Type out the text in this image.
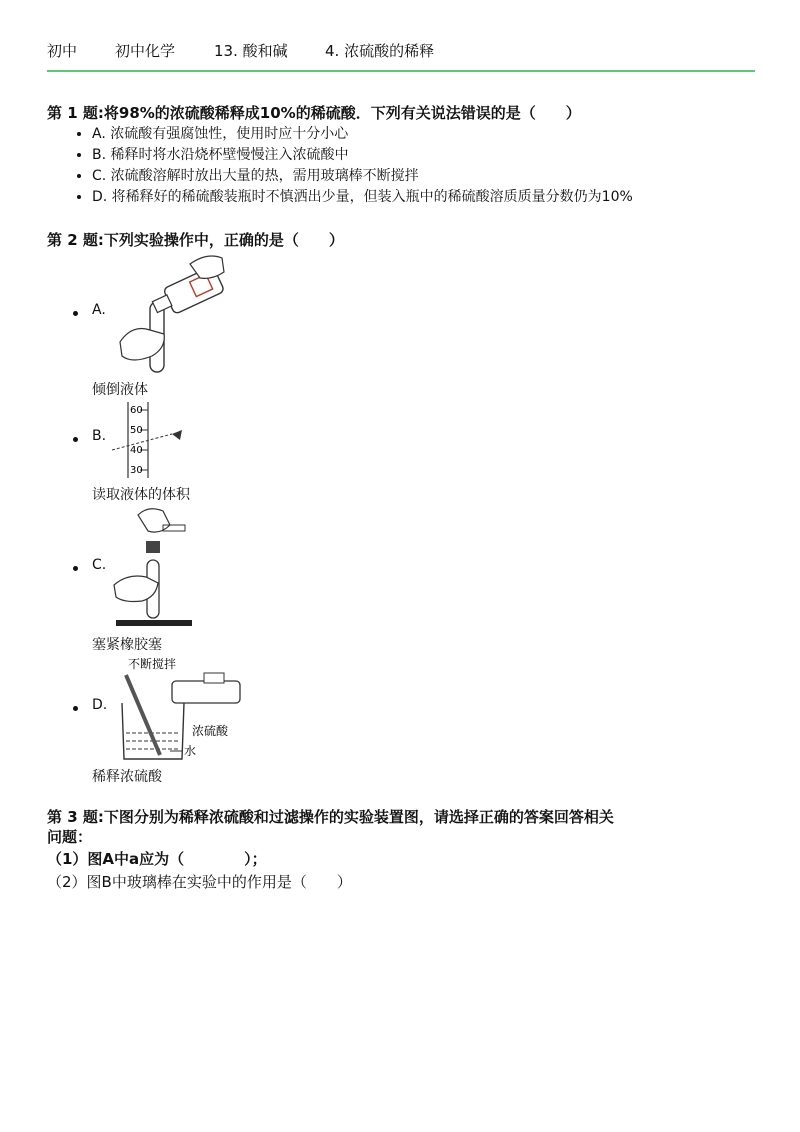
初中	初中化学	13. 酸和碱 4. 浓硫酸的稀释
第 1 题:将98%的浓硫酸稀释成10%的稀硫酸．下列有关说法错误的是（　　）
• A. 浓硫酸有强腐蚀性，使用时应十分小心
• B. 稀释时将水沿烧杯壁慢慢注入浓硫酸中
• C. 浓硫酸溶解时放出大量的热，需用玻璃棒不断搅拌
• D. 将稀释好的稀硫酸装瓶时不慎洒出少量，但装入瓶中的稀硫酸溶质质量分数仍为10%
第 2 题:下列实验操作中，正确的是（　　）
A.
倾倒液体
B.
60
50
40
30
读取液体的体积
C.
塞紧橡胶塞
D.
不断搅拌
浓硫酸
水
稀释浓硫酸
第 3 题:下图分别为稀释浓硫酸和过滤操作的实验装置图，请选择正确的答案回答相关
问题：
（1）图A中a应为（　　　　）；
（2）图B中玻璃棒在实验中的作用是（　　）
